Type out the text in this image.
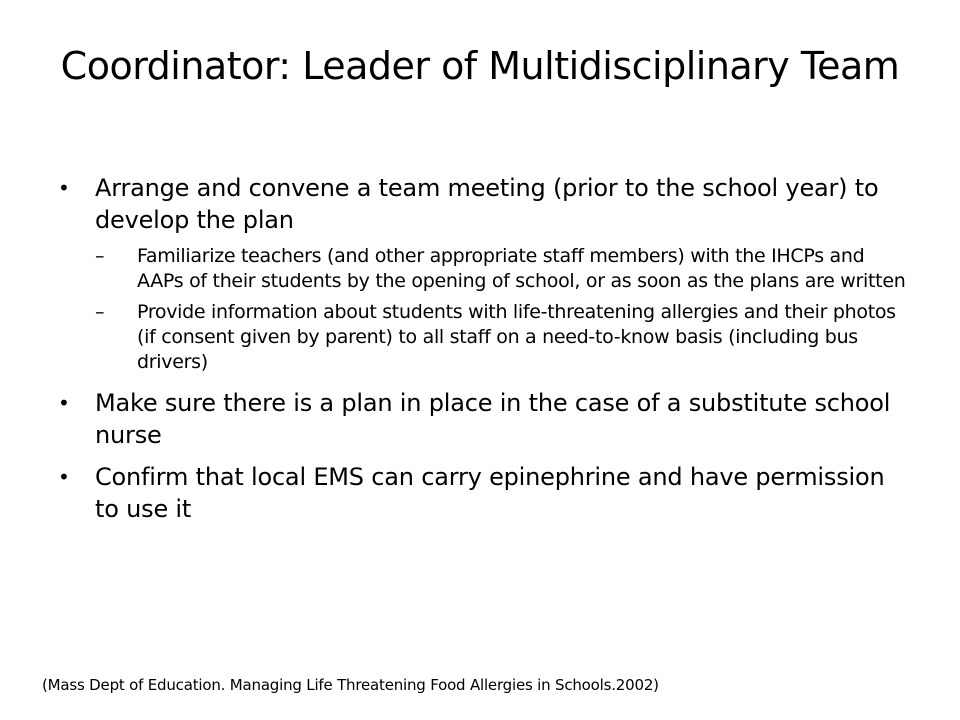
Coordinator: Leader of Multidisciplinary Team
•	Arrange and convene a team meeting (prior to the school year) to develop the plan
–	Familiarize teachers (and other appropriate staff members) with the IHCPs and AAPs of their students by the opening of school, or as soon as the plans are written
–	Provide information about students with life-threatening allergies and their photos (if consent given by parent) to all staff on a need-to-know basis (including bus drivers)
•	Make sure there is a plan in place in the case of a substitute school nurse
•	Confirm that local EMS can carry epinephrine and have permission to use it
(Mass Dept of Education. Managing Life Threatening Food Allergies in Schools.2002)
